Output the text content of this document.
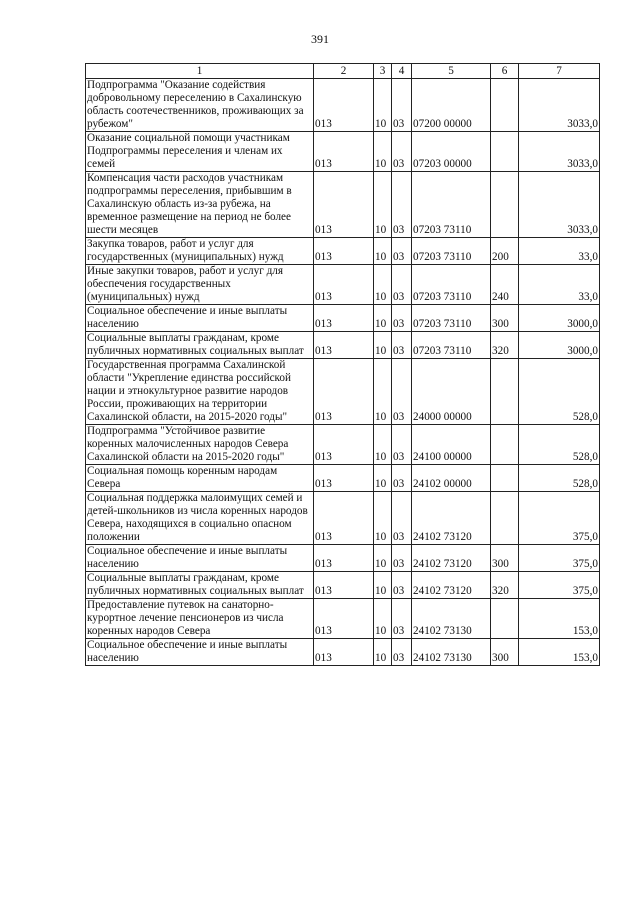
391
1	2	3	4	5	6	7
Подпрограмма "Оказание содействия добровольному переселению в Сахалинскую область соотечественников, проживающих за рубежом"	013	10	03	07200 00000		3033,0
Оказание социальной помощи участникам Подпрограммы переселения и членам их семей	013	10	03	07203 00000		3033,0
Компенсация части расходов участникам подпрограммы переселения, прибывшим в Сахалинскую область из-за рубежа, на временное размещение на период не более шести месяцев	013	10	03	07203 73110		3033,0
Закупка товаров, работ и услуг для государственных (муниципальных) нужд	013	10	03	07203 73110	200	33,0
Иные закупки товаров, работ и услуг для обеспечения государственных (муниципальных) нужд	013	10	03	07203 73110	240	33,0
Социальное обеспечение и иные выплаты населению	013	10	03	07203 73110	300	3000,0
Социальные выплаты гражданам, кроме публичных нормативных социальных выплат	013	10	03	07203 73110	320	3000,0
Государственная программа Сахалинской области "Укрепление единства российской нации и этнокультурное развитие народов России, проживающих на территории Сахалинской области, на 2015-2020 годы"	013	10	03	24000 00000		528,0
Подпрограмма "Устойчивое развитие коренных малочисленных народов Севера Сахалинской области на 2015-2020 годы"	013	10	03	24100 00000		528,0
Социальная помощь коренным народам Севера	013	10	03	24102 00000		528,0
Социальная поддержка малоимущих семей и детей-школьников из числа коренных народов Севера, находящихся в социально опасном положении	013	10	03	24102 73120		375,0
Социальное обеспечение и иные выплаты населению	013	10	03	24102 73120	300	375,0
Социальные выплаты гражданам, кроме публичных нормативных социальных выплат	013	10	03	24102 73120	320	375,0
Предоставление путевок на санаторно-курортное лечение пенсионеров из числа коренных народов Севера	013	10	03	24102 73130		153,0
Социальное обеспечение и иные выплаты населению	013	10	03	24102 73130	300	153,0
